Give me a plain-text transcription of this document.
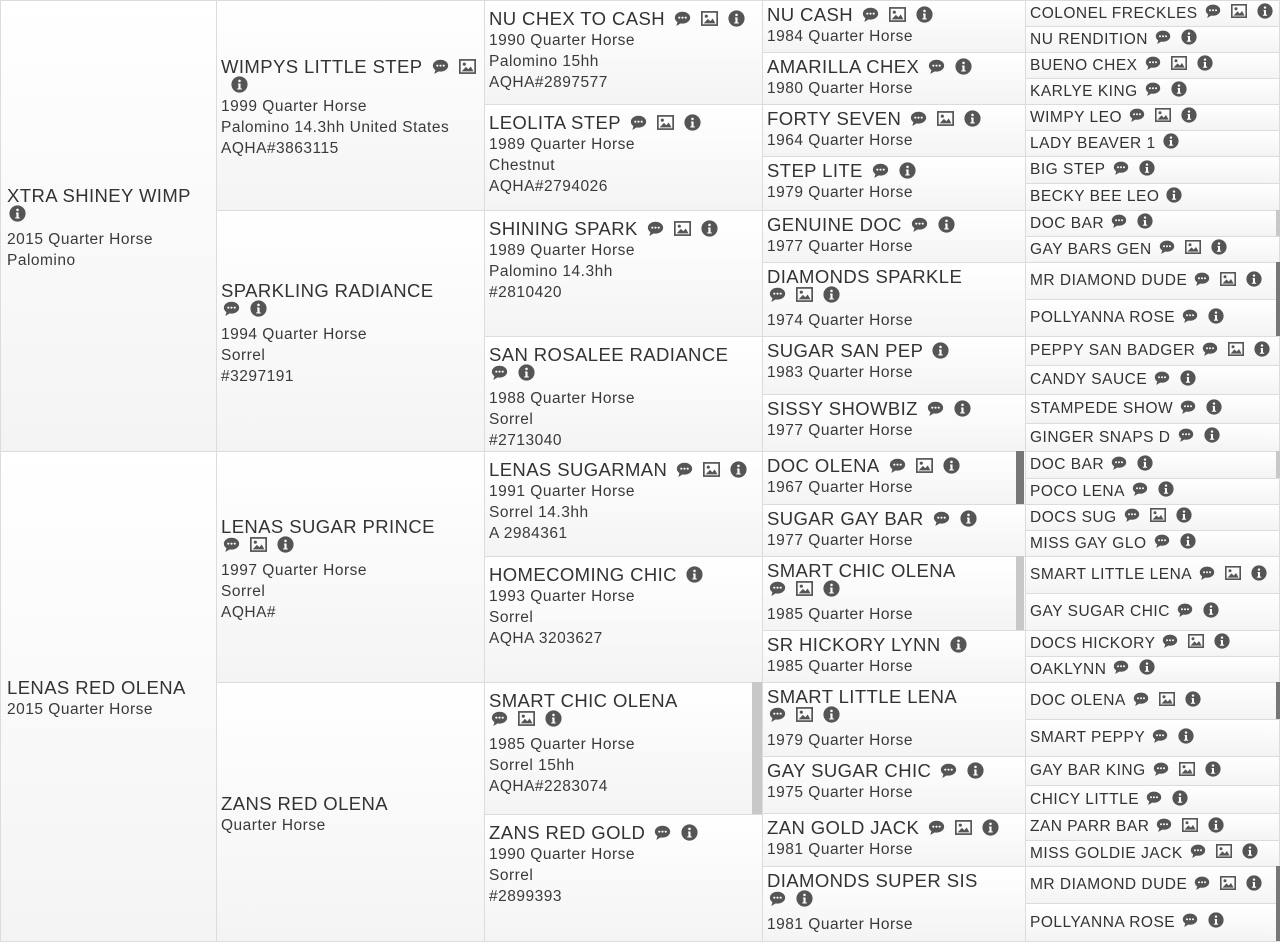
XTRA SHINEY WIMP
2015 Quarter Horse
Palomino
LENAS RED OLENA
2015 Quarter Horse
WIMPYS LITTLE STEP
1999 Quarter Horse
Palomino 14.3hh United States
AQHA#3863115
SPARKLING RADIANCE
1994 Quarter Horse
Sorrel
#3297191
LENAS SUGAR PRINCE
1997 Quarter Horse
Sorrel
AQHA#
ZANS RED OLENA
Quarter Horse
NU CHEX TO CASH
1990 Quarter Horse
Palomino 15hh
AQHA#2897577
LEOLITA STEP
1989 Quarter Horse
Chestnut
AQHA#2794026
SHINING SPARK
1989 Quarter Horse
Palomino 14.3hh
#2810420
SAN ROSALEE RADIANCE
1988 Quarter Horse
Sorrel
#2713040
LENAS SUGARMAN
1991 Quarter Horse
Sorrel 14.3hh
A 2984361
HOMECOMING CHIC
1993 Quarter Horse
Sorrel
AQHA 3203627
SMART CHIC OLENA
1985 Quarter Horse
Sorrel 15hh
AQHA#2283074
ZANS RED GOLD
1990 Quarter Horse
Sorrel
#2899393
NU CASH
1984 Quarter Horse
AMARILLA CHEX
1980 Quarter Horse
FORTY SEVEN
1964 Quarter Horse
STEP LITE
1979 Quarter Horse
GENUINE DOC
1977 Quarter Horse
DIAMONDS SPARKLE
1974 Quarter Horse
SUGAR SAN PEP
1983 Quarter Horse
SISSY SHOWBIZ
1977 Quarter Horse
DOC OLENA
1967 Quarter Horse
SUGAR GAY BAR
1977 Quarter Horse
SMART CHIC OLENA
1985 Quarter Horse
SR HICKORY LYNN
1985 Quarter Horse
SMART LITTLE LENA
1979 Quarter Horse
GAY SUGAR CHIC
1975 Quarter Horse
ZAN GOLD JACK
1981 Quarter Horse
DIAMONDS SUPER SIS
1981 Quarter Horse
COLONEL FRECKLES
NU RENDITION
BUENO CHEX
KARLYE KING
WIMPY LEO
LADY BEAVER 1
BIG STEP
BECKY BEE LEO
DOC BAR
GAY BARS GEN
MR DIAMOND DUDE
POLLYANNA ROSE
PEPPY SAN BADGER
CANDY SAUCE
STAMPEDE SHOW
GINGER SNAPS D
DOC BAR
POCO LENA
DOCS SUG
MISS GAY GLO
SMART LITTLE LENA
GAY SUGAR CHIC
DOCS HICKORY
OAKLYNN
DOC OLENA
SMART PEPPY
GAY BAR KING
CHICY LITTLE
ZAN PARR BAR
MISS GOLDIE JACK
MR DIAMOND DUDE
POLLYANNA ROSE
